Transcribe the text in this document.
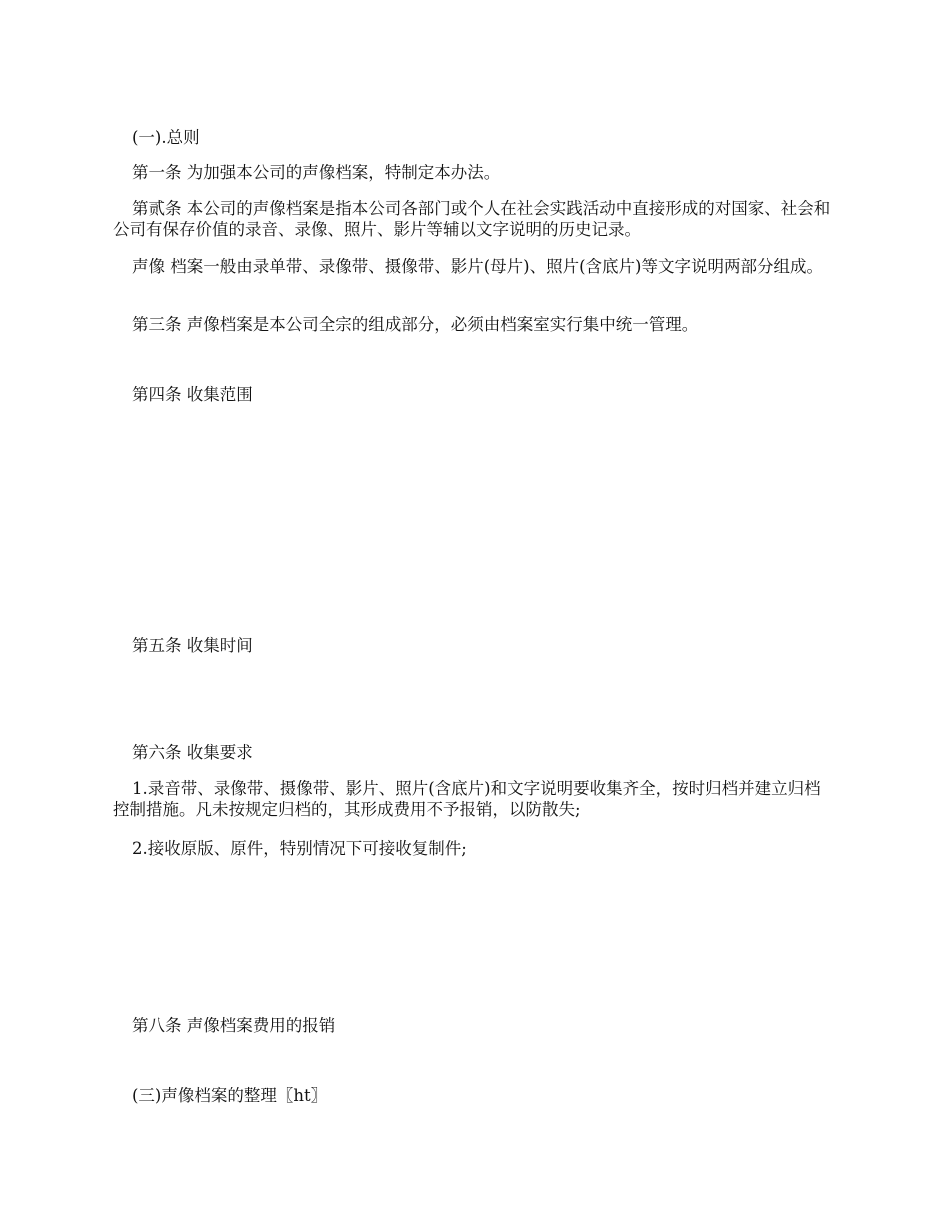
(一).总则

第一条 为加强本公司的声像档案，特制定本办法。

第贰条 本公司的声像档案是指本公司各部门或个人在社会实践活动中直接形成的对国家、社会和公司有保存价值的录音、录像、照片、影片等辅以文字说明的历史记录。

声像 档案一般由录单带、录像带、摄像带、影片(母片)、照片(含底片)等文字说明两部分组成。

第三条 声像档案是本公司全宗的组成部分，必须由档案室实行集中统一管理。

第四条 收集范围

第五条 收集时间

第六条 收集要求

1.录音带、录像带、摄像带、影片、照片(含底片)和文字说明要收集齐全，按时归档并建立归档控制措施。凡未按规定归档的，其形成费用不予报销，以防散失;

2.接收原版、原件，特别情况下可接收复制件;

第八条 声像档案费用的报销

(三)声像档案的整理〖ht〗
